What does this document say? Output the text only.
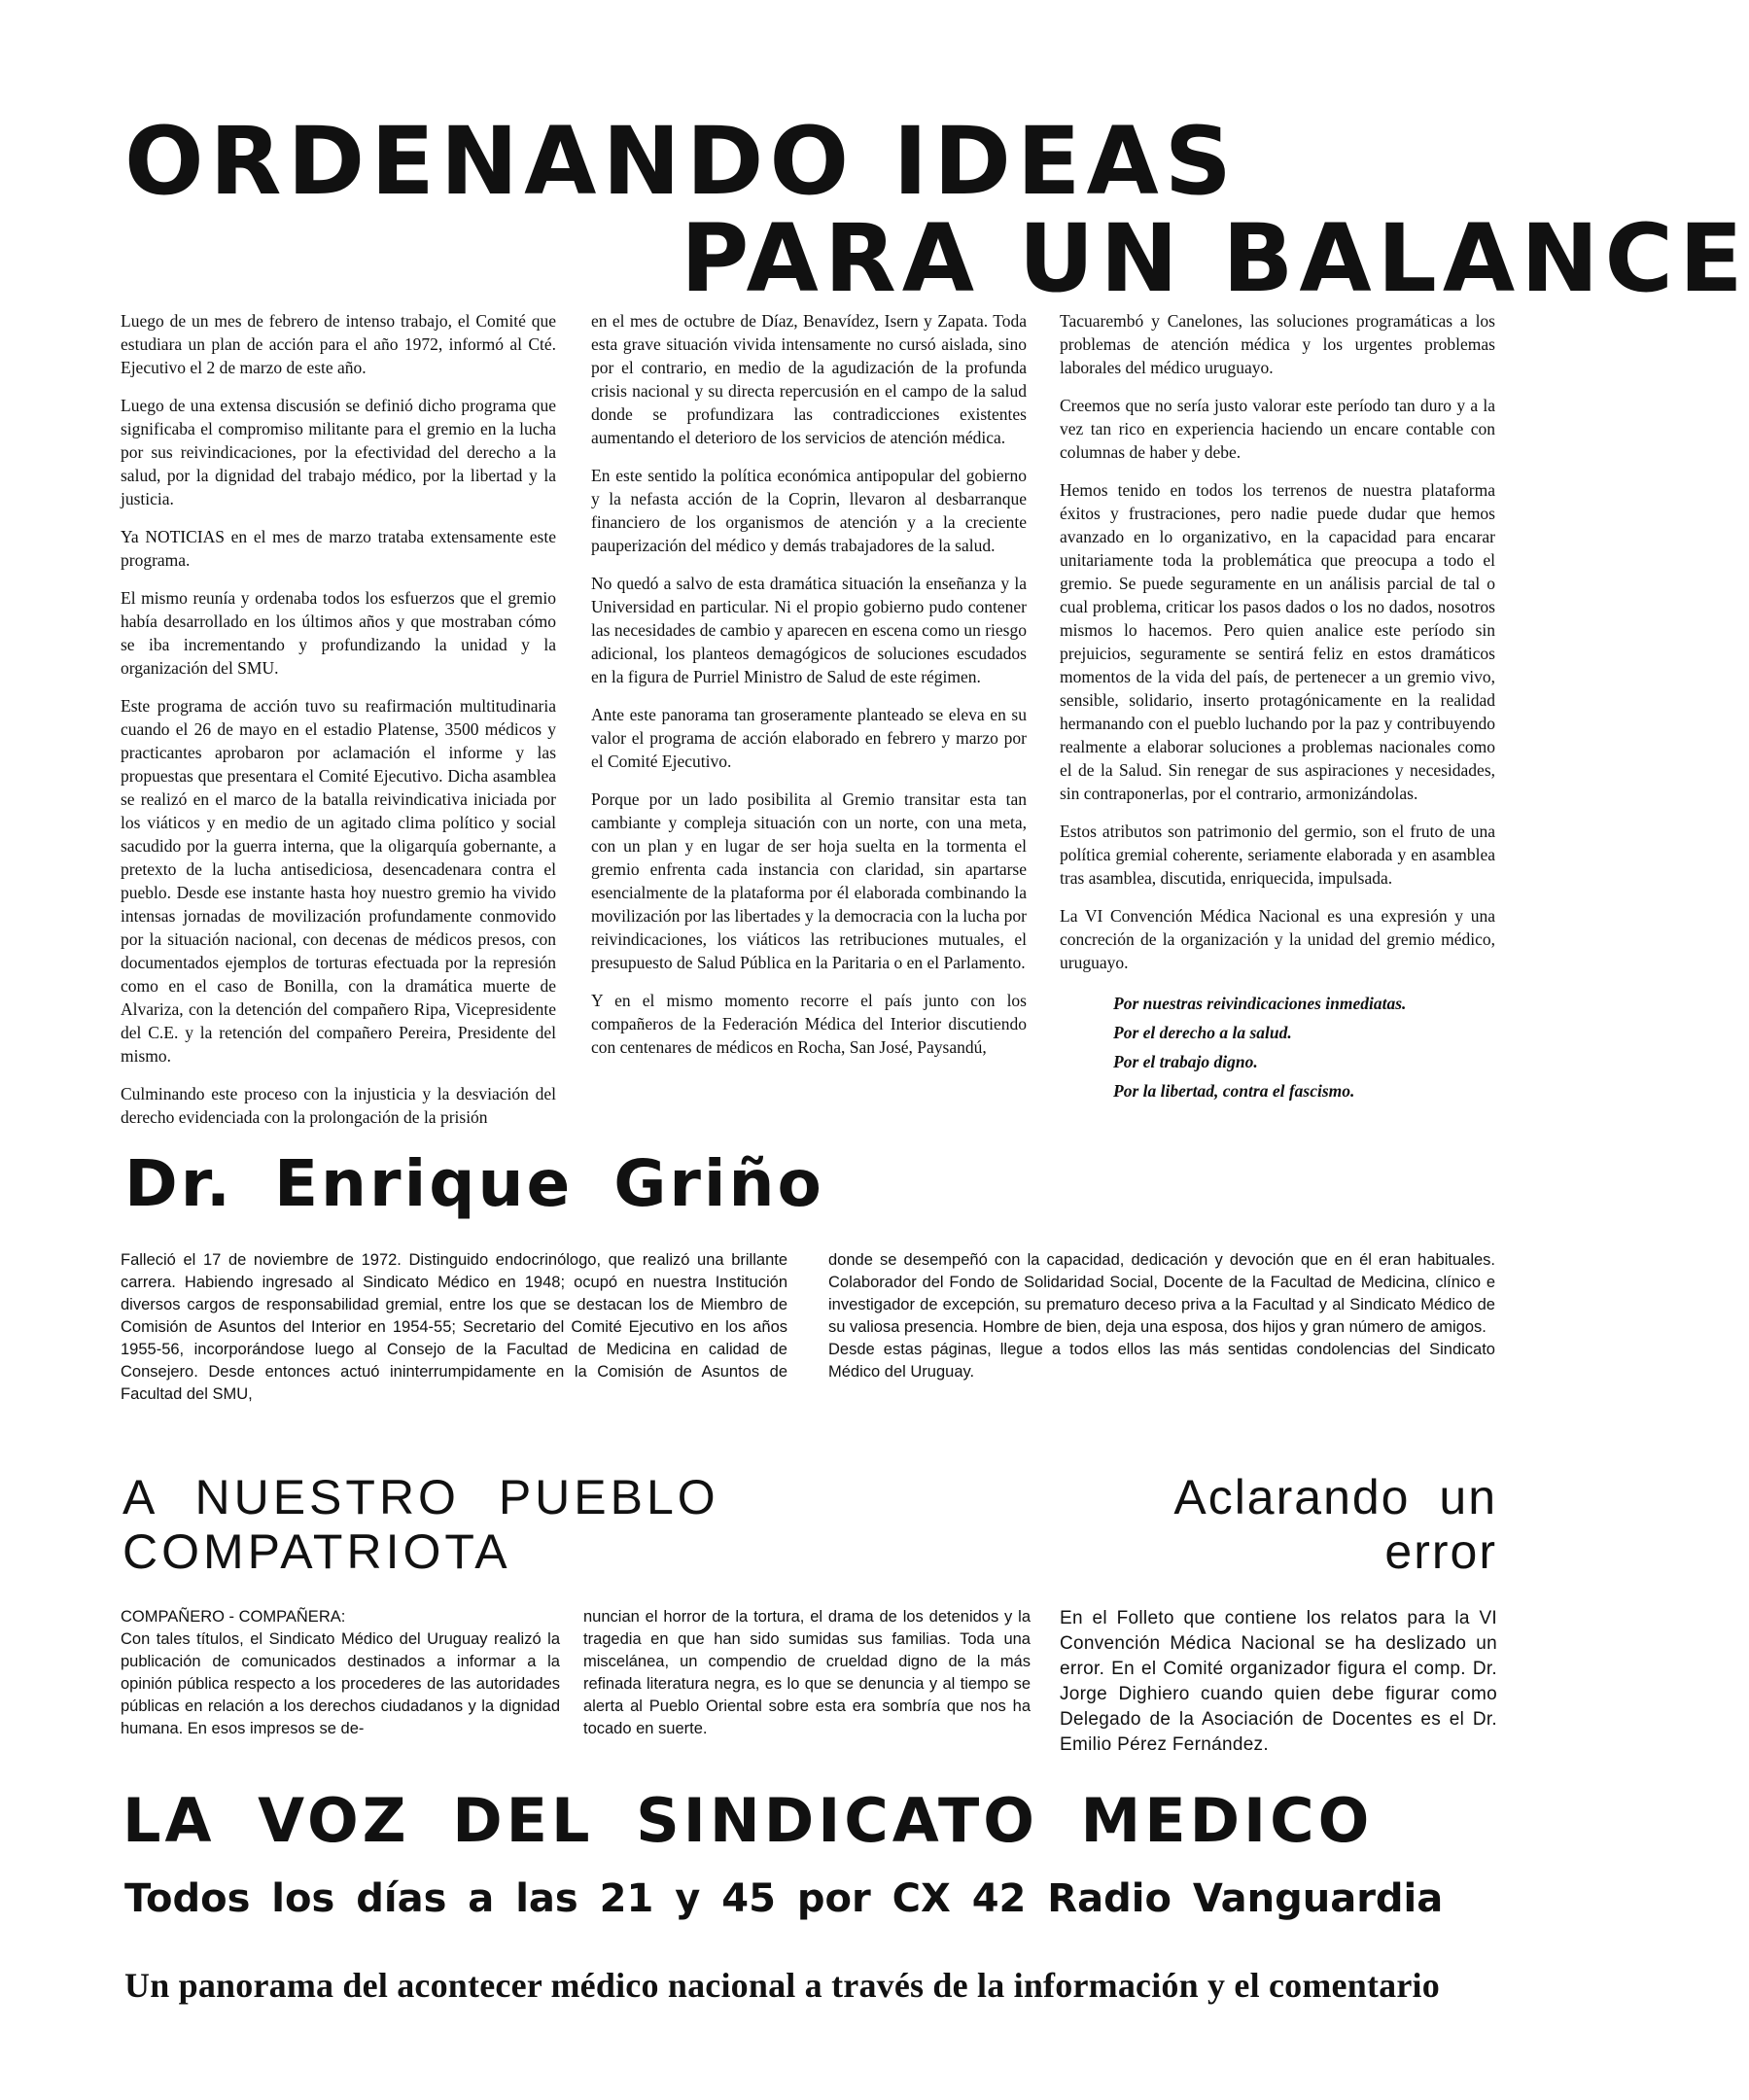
ORDENANDO IDEAS
PARA UN BALANCE

Luego de un mes de febrero de intenso trabajo, el Comité que estudiara un plan de acción para el año 1972, informó al Cté. Ejecutivo el 2 de marzo de este año.

Luego de una extensa discusión se definió dicho programa que significaba el compromiso militante para el gremio en la lucha por sus reivindicaciones, por la efectividad del derecho a la salud, por la dignidad del trabajo médico, por la libertad y la justicia.

Ya NOTICIAS en el mes de marzo trataba extensamente este programa.

El mismo reunía y ordenaba todos los esfuerzos que el gremio había desarrollado en los últimos años y que mostraban cómo se iba incrementando y profundizando la unidad y la organización del SMU.

Este programa de acción tuvo su reafirmación multitudinaria cuando el 26 de mayo en el estadio Platense, 3500 médicos y practicantes aprobaron por aclamación el informe y las propuestas que presentara el Comité Ejecutivo. Dicha asamblea se realizó en el marco de la batalla reivindicativa iniciada por los viáticos y en medio de un agitado clima político y social sacudido por la guerra interna, que la oligarquía gobernante, a pretexto de la lucha antisediciosa, desencadenara contra el pueblo. Desde ese instante hasta hoy nuestro gremio ha vivido intensas jornadas de movilización profundamente conmovido por la situación nacional, con decenas de médicos presos, con documentados ejemplos de torturas efectuada por la represión como en el caso de Bonilla, con la dramática muerte de Alvariza, con la detención del compañero Ripa, Vicepresidente del C.E. y la retención del compañero Pereira, Presidente del mismo.

Culminando este proceso con la injusticia y la desviación del derecho evidenciada con la prolongación de la prisión

en el mes de octubre de Díaz, Benavídez, Isern y Zapata. Toda esta grave situación vivida intensamente no cursó aislada, sino por el contrario, en medio de la agudización de la profunda crisis nacional y su directa repercusión en el campo de la salud donde se profundizara las contradicciones existentes aumentando el deterioro de los servicios de atención médica.

En este sentido la política económica antipopular del gobierno y la nefasta acción de la Coprin, llevaron al desbarranque financiero de los organismos de atención y a la creciente pauperización del médico y demás trabajadores de la salud.

No quedó a salvo de esta dramática situación la enseñanza y la Universidad en particular. Ni el propio gobierno pudo contener las necesidades de cambio y aparecen en escena como un riesgo adicional, los planteos demagógicos de soluciones escudados en la figura de Purriel Ministro de Salud de este régimen.

Ante este panorama tan groseramente planteado se eleva en su valor el programa de acción elaborado en febrero y marzo por el Comité Ejecutivo.

Porque por un lado posibilita al Gremio transitar esta tan cambiante y compleja situación con un norte, con una meta, con un plan y en lugar de ser hoja suelta en la tormenta el gremio enfrenta cada instancia con claridad, sin apartarse esencialmente de la plataforma por él elaborada combinando la movilización por las libertades y la democracia con la lucha por reivindicaciones, los viáticos las retribuciones mutuales, el presupuesto de Salud Pública en la Paritaria o en el Parlamento.

Y en el mismo momento recorre el país junto con los compañeros de la Federación Médica del Interior discutiendo con centenares de médicos en Rocha, San José, Paysandú,

Tacuarembó y Canelones, las soluciones programáticas a los problemas de atención médica y los urgentes problemas laborales del médico uruguayo.

Creemos que no sería justo valorar este período tan duro y a la vez tan rico en experiencia haciendo un encare contable con columnas de haber y debe.

Hemos tenido en todos los terrenos de nuestra plataforma éxitos y frustraciones, pero nadie puede dudar que hemos avanzado en lo organizativo, en la capacidad para encarar unitariamente toda la problemática que preocupa a todo el gremio. Se puede seguramente en un análisis parcial de tal o cual problema, criticar los pasos dados o los no dados, nosotros mismos lo hacemos. Pero quien analice este período sin prejuicios, seguramente se sentirá feliz en estos dramáticos momentos de la vida del país, de pertenecer a un gremio vivo, sensible, solidario, inserto protagónicamente en la realidad hermanando con el pueblo luchando por la paz y contribuyendo realmente a elaborar soluciones a problemas nacionales como el de la Salud. Sin renegar de sus aspiraciones y necesidades, sin contraponerlas, por el contrario, armonizándolas.

Estos atributos son patrimonio del germio, son el fruto de una política gremial coherente, seriamente elaborada y en asamblea tras asamblea, discutida, enriquecida, impulsada.

La VI Convención Médica Nacional es una expresión y una concreción de la organización y la unidad del gremio médico, uruguayo.

Por nuestras reivindicaciones inmediatas.
Por el derecho a la salud.
Por el trabajo digno.
Por la libertad, contra el fascismo.

Dr. Enrique Griño

Falleció el 17 de noviembre de 1972. Distinguido endocrinólogo, que realizó una brillante carrera. Habiendo ingresado al Sindicato Médico en 1948; ocupó en nuestra Institución diversos cargos de responsabilidad gremial, entre los que se destacan los de Miembro de Comisión de Asuntos del Interior en 1954-55; Secretario del Comité Ejecutivo en los años 1955-56, incorporándose luego al Consejo de la Facultad de Medicina en calidad de Consejero. Desde entonces actuó ininterrumpidamente en la Comisión de Asuntos de Facultad del SMU,

donde se desempeñó con la capacidad, dedicación y devoción que en él eran habituales. Colaborador del Fondo de Solidaridad Social, Docente de la Facultad de Medicina, clínico e investigador de excepción, su prematuro deceso priva a la Facultad y al Sindicato Médico de su valiosa presencia. Hombre de bien, deja una esposa, dos hijos y gran número de amigos.

Desde estas páginas, llegue a todos ellos las más sentidas condolencias del Sindicato Médico del Uruguay.

A NUESTRO PUEBLO
COMPATRIOTA
Aclarando un
error
COMPAÑERO - COMPAÑERA:
Con tales títulos, el Sindicato Médico del Uruguay realizó la publicación de comunicados destinados a informar a la opinión pública respecto a los procederes de las autoridades públicas en relación a los derechos ciudadanos y la dignidad humana. En esos impresos se de-
nuncian el horror de la tortura, el drama de los detenidos y la tragedia en que han sido sumidas sus familias. Toda una miscelánea, un compendio de crueldad digno de la más refinada literatura negra, es lo que se denuncia y al tiempo se alerta al Pueblo Oriental sobre esta era sombría que nos ha tocado en suerte.
En el Folleto que contiene los relatos para la VI Convención Médica Nacional se ha deslizado un error. En el Comité organizador figura el comp. Dr. Jorge Dighiero cuando quien debe figurar como Delegado de la Asociación de Docentes es el Dr. Emilio Pérez Fernández.
LA VOZ DEL SINDICATO MEDICO
Todos los días a las 21 y 45 por CX 42 Radio Vanguardia
Un panorama del acontecer médico nacional a través de la información y el comentario
